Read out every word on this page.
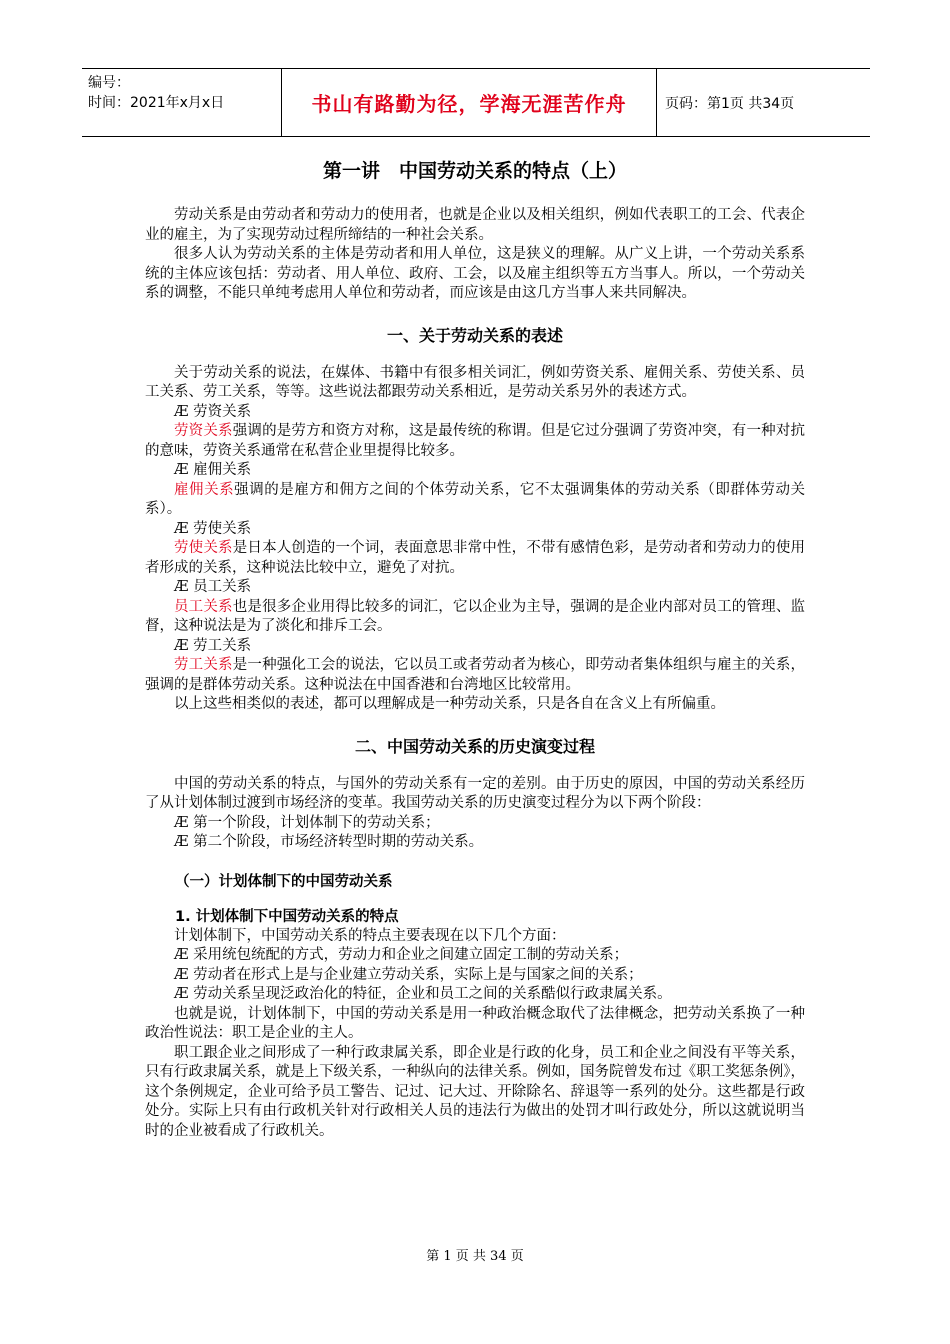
编号：
时间：2021年x月x日	书山有路勤为径，学海无涯苦作舟	页码：第1页 共34页
第一讲　中国劳动关系的特点（上）

劳动关系是由劳动者和劳动力的使用者，也就是企业以及相关组织，例如代表职工的工会、代表企业的雇主，为了实现劳动过程所缔结的一种社会关系。

很多人认为劳动关系的主体是劳动者和用人单位，这是狭义的理解。从广义上讲，一个劳动关系系统的主体应该包括：劳动者、用人单位、政府、工会，以及雇主组织等五方当事人。所以，一个劳动关系的调整，不能只单纯考虑用人单位和劳动者，而应该是由这几方当事人来共同解决。

一、关于劳动关系的表述

关于劳动关系的说法，在媒体、书籍中有很多相关词汇，例如劳资关系、雇佣关系、劳使关系、员工关系、劳工关系，等等。这些说法都跟劳动关系相近，是劳动关系另外的表述方式。

Æ 劳资关系

劳资关系强调的是劳方和资方对称，这是最传统的称谓。但是它过分强调了劳资冲突，有一种对抗的意味，劳资关系通常在私营企业里提得比较多。

Æ 雇佣关系

雇佣关系强调的是雇方和佣方之间的个体劳动关系，它不太强调集体的劳动关系（即群体劳动关系）。

Æ 劳使关系

劳使关系是日本人创造的一个词，表面意思非常中性，不带有感情色彩，是劳动者和劳动力的使用者形成的关系，这种说法比较中立，避免了对抗。

Æ 员工关系

员工关系也是很多企业用得比较多的词汇，它以企业为主导，强调的是企业内部对员工的管理、监督，这种说法是为了淡化和排斥工会。

Æ 劳工关系

劳工关系是一种强化工会的说法，它以员工或者劳动者为核心，即劳动者集体组织与雇主的关系，强调的是群体劳动关系。这种说法在中国香港和台湾地区比较常用。

以上这些相类似的表述，都可以理解成是一种劳动关系，只是各自在含义上有所偏重。

二、中国劳动关系的历史演变过程

中国的劳动关系的特点，与国外的劳动关系有一定的差别。由于历史的原因，中国的劳动关系经历了从计划体制过渡到市场经济的变革。我国劳动关系的历史演变过程分为以下两个阶段：

Æ 第一个阶段，计划体制下的劳动关系；

Æ 第二个阶段，市场经济转型时期的劳动关系。

（一）计划体制下的中国劳动关系
1. 计划体制下中国劳动关系的特点

计划体制下，中国劳动关系的特点主要表现在以下几个方面：

Æ 采用统包统配的方式，劳动力和企业之间建立固定工制的劳动关系；

Æ 劳动者在形式上是与企业建立劳动关系，实际上是与国家之间的关系；

Æ 劳动关系呈现泛政治化的特征，企业和员工之间的关系酷似行政隶属关系。

也就是说，计划体制下，中国的劳动关系是用一种政治概念取代了法律概念，把劳动关系换了一种政治性说法：职工是企业的主人。

职工跟企业之间形成了一种行政隶属关系，即企业是行政的化身，员工和企业之间没有平等关系，只有行政隶属关系，就是上下级关系，一种纵向的法律关系。例如，国务院曾发布过《职工奖惩条例》，这个条例规定，企业可给予员工警告、记过、记大过、开除除名、辞退等一系列的处分。这些都是行政处分。实际上只有由行政机关针对行政相关人员的违法行为做出的处罚才叫行政处分，所以这就说明当时的企业被看成了行政机关。

第 1 页 共 34 页
